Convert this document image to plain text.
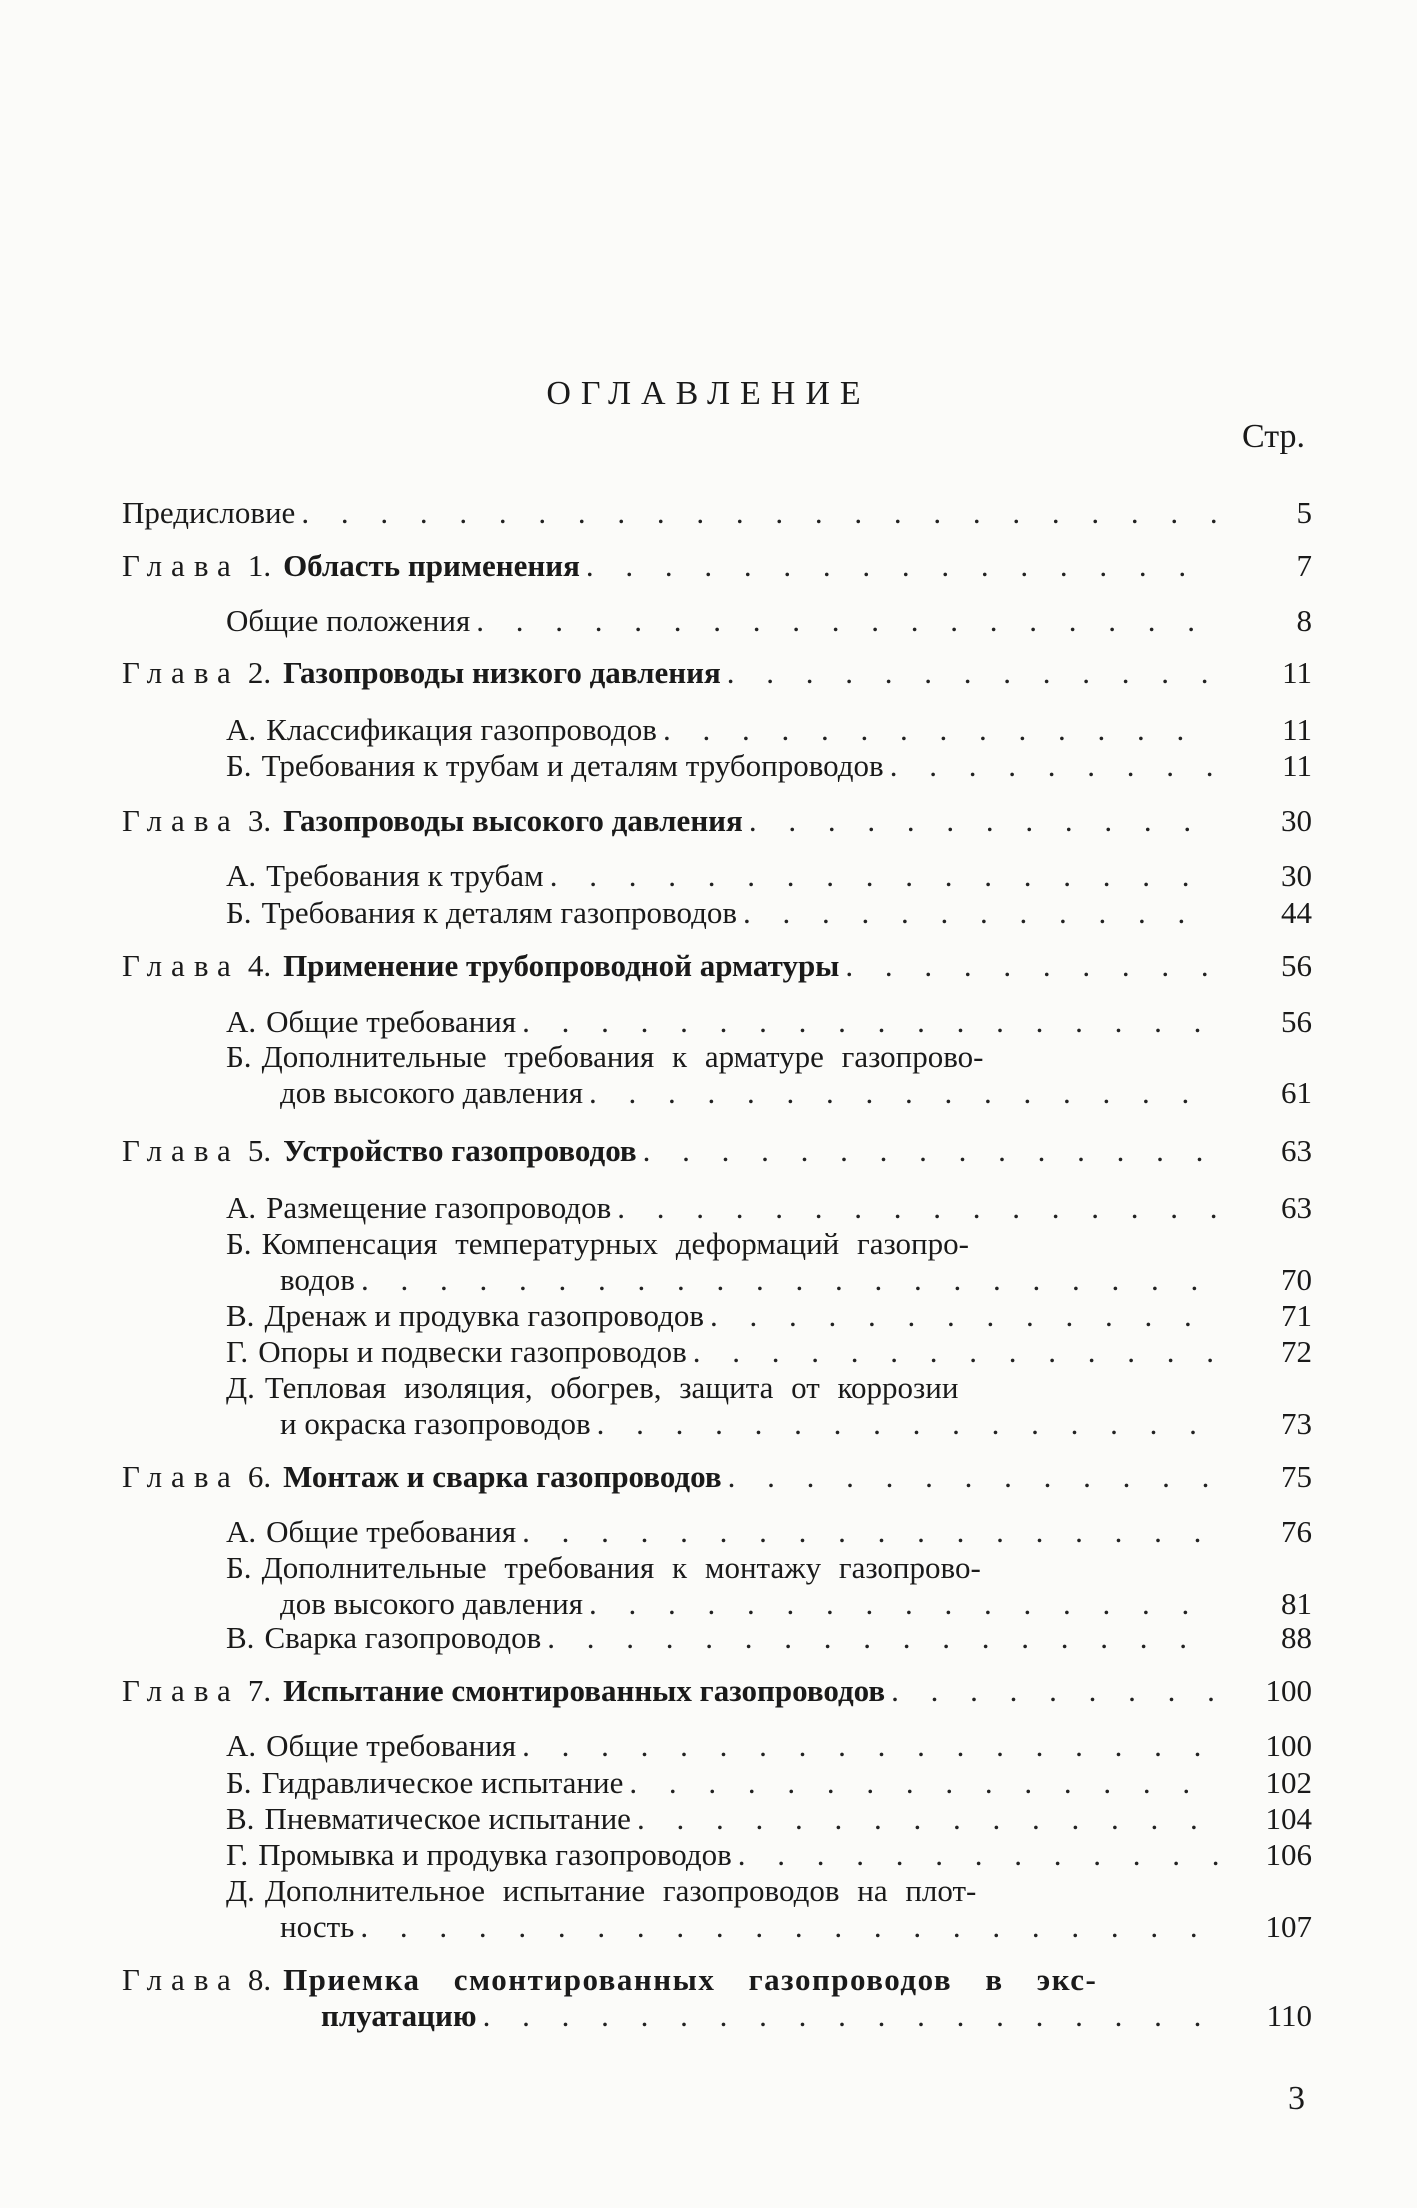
ОГЛАВЛЕНИЕ
Стр.
Предисловие . . .	5
Глава 1. Область применения . . .	7
Общие положения . . .	8
Глава 2. Газопроводы низкого давления . . .	11
А. Классификация газопроводов . . .	11
Б. Требования к трубам и деталям трубопроводов . . .	11
Глава 3. Газопроводы высокого давления . . .	30
А. Требования к трубам . . .	30
Б. Требования к деталям газопроводов . . .	44
Глава 4. Применение трубопроводной арматуры . . .	56
А. Общие требования . . .	56
Б. Дополнительные требования к арматуре газопрово-
дов высокого давления . . .	61
Глава 5. Устройство газопроводов . . .	63
А. Размещение газопроводов . . .	63
Б. Компенсация температурных деформаций газопро-
водов . . .	70
В. Дренаж и продувка газопроводов . . .	71
Г. Опоры и подвески газопроводов . . .	72
Д. Тепловая изоляция, обогрев, защита от коррозии
и окраска газопроводов . . .	73
Глава 6. Монтаж и сварка газопроводов . . .	75
А. Общие требования . . .	76
Б. Дополнительные требования к монтажу газопрово-
дов высокого давления . . .	81
В. Сварка газопроводов . . .	88
Глава 7. Испытание смонтированных газопроводов . . .	100
А. Общие требования . . .	100
Б. Гидравлическое испытание . . .	102
В. Пневматическое испытание . . .	104
Г. Промывка и продувка газопроводов . . .	106
Д. Дополнительное испытание газопроводов на плот-
ность . . .	107
Глава 8. Приемка смонтированных газопроводов в экс-
плуатацию . . .	110
3
